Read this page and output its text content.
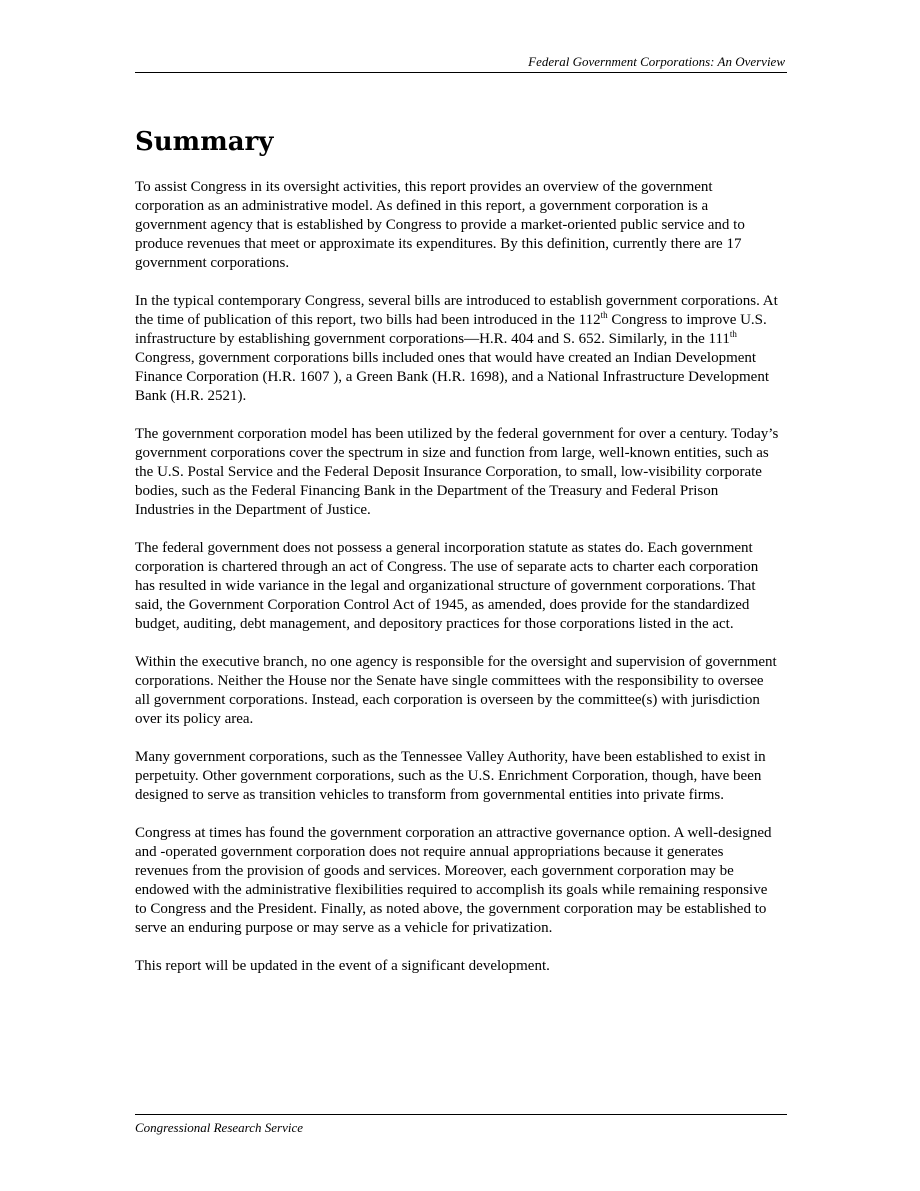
Federal Government Corporations: An Overview
Summary

To assist Congress in its oversight activities, this report provides an overview of the government corporation as an administrative model. As defined in this report, a government corporation is a government agency that is established by Congress to provide a market-oriented public service and to produce revenues that meet or approximate its expenditures. By this definition, currently there are 17 government corporations.

In the typical contemporary Congress, several bills are introduced to establish government corporations. At the time of publication of this report, two bills had been introduced in the 112th Congress to improve U.S. infrastructure by establishing government corporations—H.R. 404 and S. 652. Similarly, in the 111th Congress, government corporations bills included ones that would have created an Indian Development Finance Corporation (H.R. 1607 ), a Green Bank (H.R. 1698), and a National Infrastructure Development Bank (H.R. 2521).

The government corporation model has been utilized by the federal government for over a century. Today’s government corporations cover the spectrum in size and function from large, well-known entities, such as the U.S. Postal Service and the Federal Deposit Insurance Corporation, to small, low-visibility corporate bodies, such as the Federal Financing Bank in the Department of the Treasury and Federal Prison Industries in the Department of Justice.

The federal government does not possess a general incorporation statute as states do. Each government corporation is chartered through an act of Congress. The use of separate acts to charter each corporation has resulted in wide variance in the legal and organizational structure of government corporations. That said, the Government Corporation Control Act of 1945, as amended, does provide for the standardized budget, auditing, debt management, and depository practices for those corporations listed in the act.

Within the executive branch, no one agency is responsible for the oversight and supervision of government corporations. Neither the House nor the Senate have single committees with the responsibility to oversee all government corporations. Instead, each corporation is overseen by the committee(s) with jurisdiction over its policy area.

Many government corporations, such as the Tennessee Valley Authority, have been established to exist in perpetuity. Other government corporations, such as the U.S. Enrichment Corporation, though, have been designed to serve as transition vehicles to transform from governmental entities into private firms.

Congress at times has found the government corporation an attractive governance option. A well-designed and -operated government corporation does not require annual appropriations because it generates revenues from the provision of goods and services. Moreover, each government corporation may be endowed with the administrative flexibilities required to accomplish its goals while remaining responsive to Congress and the President. Finally, as noted above, the government corporation may be established to serve an enduring purpose or may serve as a vehicle for privatization.

This report will be updated in the event of a significant development.

Congressional Research Service
